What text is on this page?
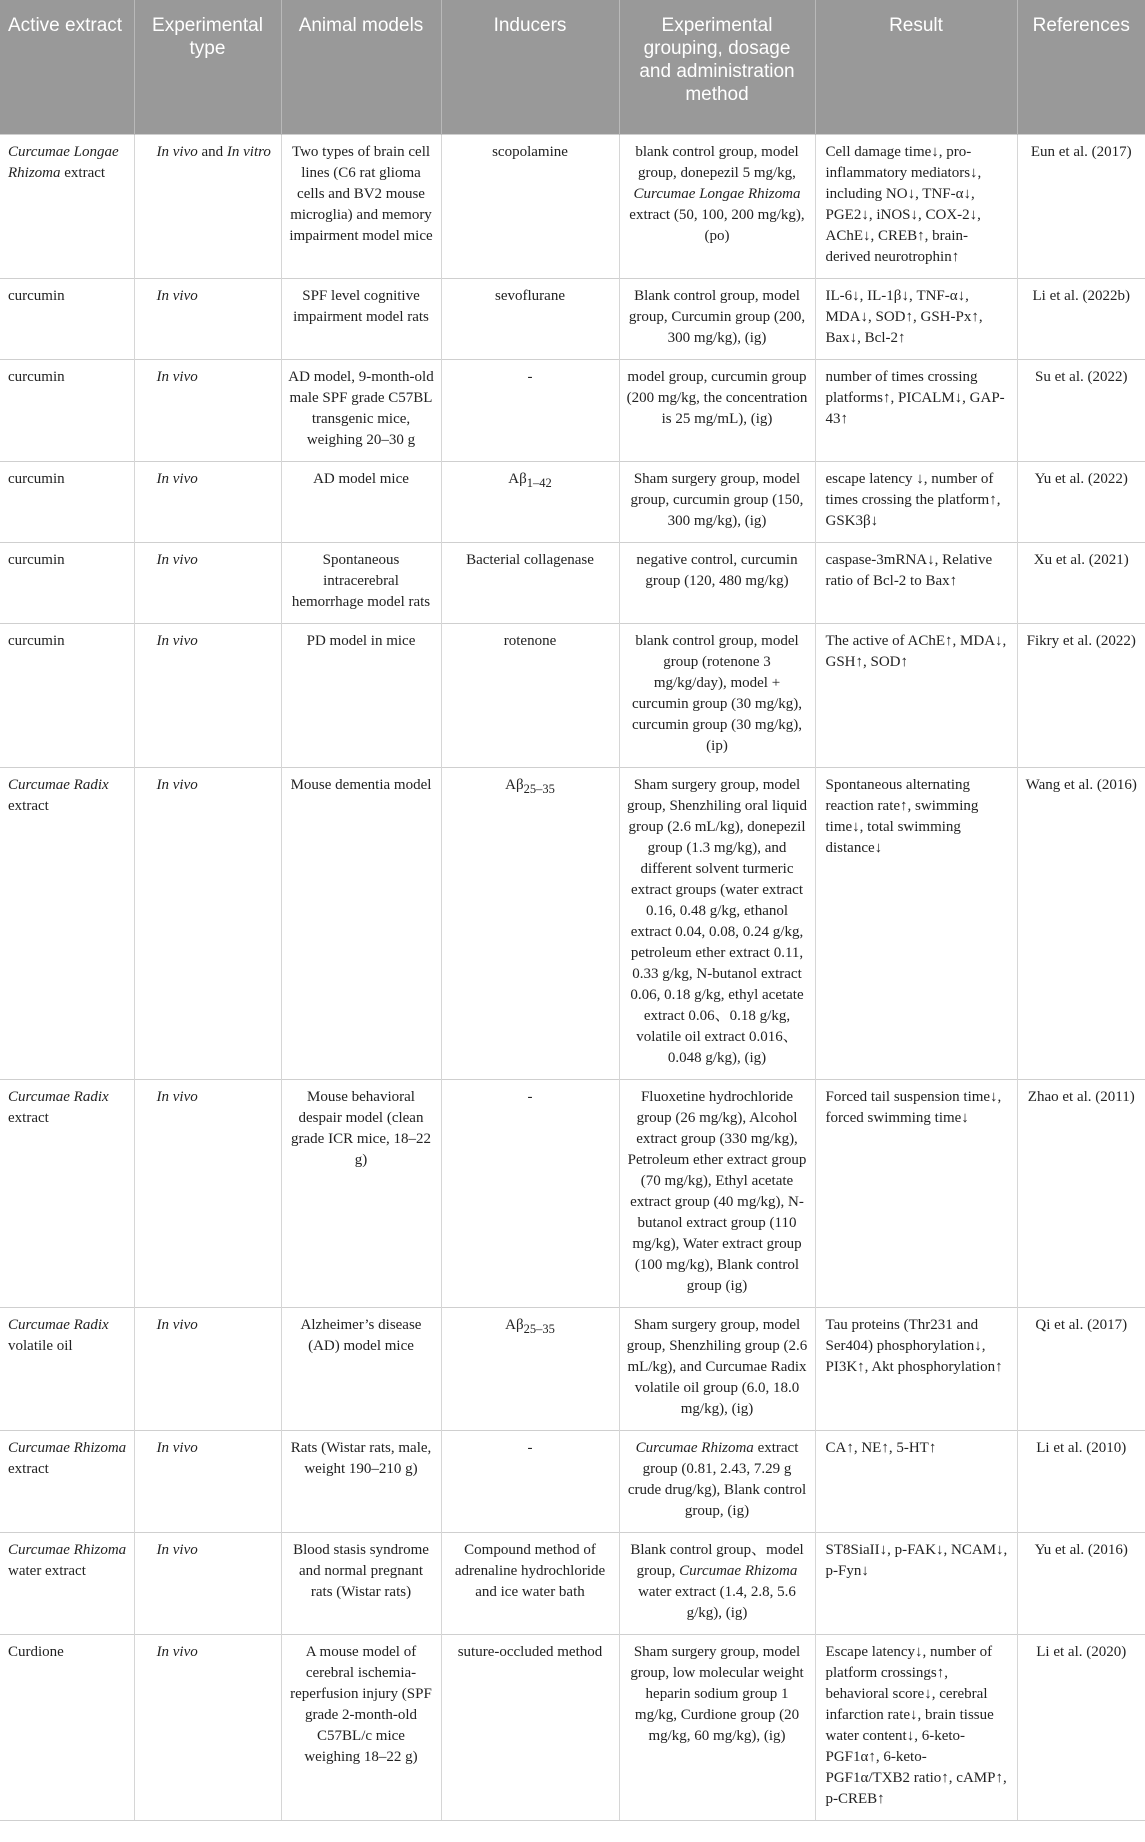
Active extract	Experimental type	Animal models	Inducers	Experimental grouping, dosage and administration method	Result	References
Curcumae Longae Rhizoma extract	In vivo and In vitro	Two types of brain cell lines (C6 rat glioma cells and BV2 mouse microglia) and memory impairment model mice	scopolamine	blank control group, model group, donepezil 5 mg/kg, Curcumae Longae Rhizoma extract (50, 100, 200 mg/kg), (po)	Cell damage time↓, pro-inflammatory mediators↓, including NO↓, TNF-α↓, PGE2↓, iNOS↓, COX-2↓, AChE↓, CREB↑, brain-derived neurotrophin↑	Eun et al. (2017)
curcumin	In vivo	SPF level cognitive impairment model rats	sevoflurane	Blank control group, model group, Curcumin group (200, 300 mg/kg), (ig)	IL-6↓, IL-1β↓, TNF-α↓, MDA↓, SOD↑, GSH-Px↑, Bax↓, Bcl-2↑	Li et al. (2022b)
curcumin	In vivo	AD model, 9-month-old male SPF grade C57BL transgenic mice, weighing 20–30 g	-	model group, curcumin group (200 mg/kg, the concentration is 25 mg/mL), (ig)	number of times crossing platforms↑, PICALM↓, GAP-43↑	Su et al. (2022)
curcumin	In vivo	AD model mice	$A\beta_{1-42}$	Sham surgery group, model group, curcumin group (150, 300 mg/kg), (ig)	escape latency ↓, number of times crossing the platform↑, GSK3β↓	Yu et al. (2022)
curcumin	In vivo	Spontaneous intracerebral hemorrhage model rats	Bacterial collagenase	negative control, curcumin group (120, 480 mg/kg)	caspase-3mRNA↓, Relative ratio of Bcl-2 to Bax↑	Xu et al. (2021)
curcumin	In vivo	PD model in mice	rotenone	blank control group, model group (rotenone 3 mg/kg/day), model + curcumin group (30 mg/kg), curcumin group (30 mg/kg), (ip)	The active of AChE↑, MDA↓, GSH↑, SOD↑	Fikry et al. (2022)
Curcumae Radix extract	In vivo	Mouse dementia model	$A\beta_{25-35}$	Sham surgery group, model group, Shenzhiling oral liquid group (2.6 mL/kg), donepezil group (1.3 mg/kg), and different solvent turmeric extract groups (water extract 0.16, 0.48 g/kg, ethanol extract 0.04, 0.08, 0.24 g/kg, petroleum ether extract 0.11, 0.33 g/kg, N-butanol extract 0.06, 0.18 g/kg, ethyl acetate extract 0.06、0.18 g/kg, volatile oil extract 0.016、0.048 g/kg), (ig)	Spontaneous alternating reaction rate↑, swimming time↓, total swimming distance↓	Wang et al. (2016)
Curcumae Radix extract	In vivo	Mouse behavioral despair model (clean grade ICR mice, 18–22 g)	-	Fluoxetine hydrochloride group (26 mg/kg), Alcohol extract group (330 mg/kg), Petroleum ether extract group (70 mg/kg), Ethyl acetate extract group (40 mg/kg), N-butanol extract group (110 mg/kg), Water extract group (100 mg/kg), Blank control group (ig)	Forced tail suspension time↓, forced swimming time↓	Zhao et al. (2011)
Curcumae Radix volatile oil	In vivo	Alzheimer’s disease (AD) model mice	$A\beta_{25-35}$	Sham surgery group, model group, Shenzhiling group (2.6 mL/kg), and Curcumae Radix volatile oil group (6.0, 18.0 mg/kg), (ig)	Tau proteins (Thr231 and Ser404) phosphorylation↓, PI3K↑, Akt phosphorylation↑	Qi et al. (2017)
Curcumae Rhizoma extract	In vivo	Rats (Wistar rats, male, weight 190–210 g)	-	Curcumae Rhizoma extract group (0.81, 2.43, 7.29 g crude drug/kg), Blank control group, (ig)	CA↑, NE↑, 5-HT↑	Li et al. (2010)
Curcumae Rhizoma water extract	In vivo	Blood stasis syndrome and normal pregnant rats (Wistar rats)	Compound method of adrenaline hydrochloride and ice water bath	Blank control group、model group, Curcumae Rhizoma water extract (1.4, 2.8, 5.6 g/kg), (ig)	ST8SiaII↓, p-FAK↓, NCAM↓, p-Fyn↓	Yu et al. (2016)
Curdione	In vivo	A mouse model of cerebral ischemia-reperfusion injury (SPF grade 2-month-old C57BL/c mice weighing 18–22 g)	suture-occluded method	Sham surgery group, model group, low molecular weight heparin sodium group 1 mg/kg, Curdione group (20 mg/kg, 60 mg/kg), (ig)	Escape latency↓, number of platform crossings↑, behavioral score↓, cerebral infarction rate↓, brain tissue water content↓, 6-keto-PGF1α↑, 6-keto-PGF1α/TXB2 ratio↑, cAMP↑, p-CREB↑	Li et al. (2020)
